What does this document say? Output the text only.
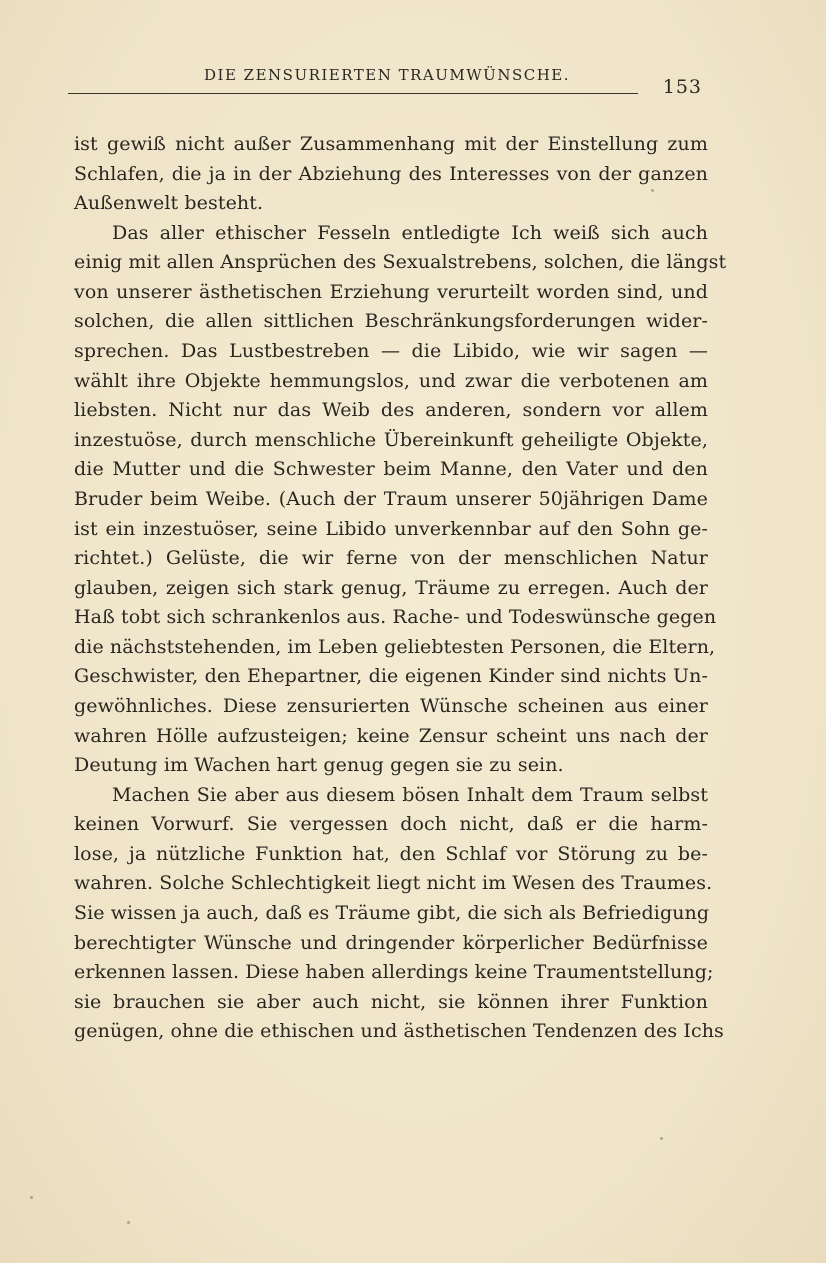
DIE ZENSURIERTEN TRAUMWÜNSCHE.
153
ist gewiß nicht außer Zusammenhang mit der Einstellung zum
Schlafen, die ja in der Abziehung des Interesses von der ganzen
Außenwelt besteht.
Das aller ethischer Fesseln entledigte Ich weiß sich auch
einig mit allen Ansprüchen des Sexualstrebens, solchen, die längst
von unserer ästhetischen Erziehung verurteilt worden sind, und
solchen, die allen sittlichen Beschränkungsforderungen wider-
sprechen. Das Lustbestreben — die Libido, wie wir sagen —
wählt ihre Objekte hemmungslos, und zwar die verbotenen am
liebsten. Nicht nur das Weib des anderen, sondern vor allem
inzestuöse, durch menschliche Übereinkunft geheiligte Objekte,
die Mutter und die Schwester beim Manne, den Vater und den
Bruder beim Weibe. (Auch der Traum unserer 50jährigen Dame
ist ein inzestuöser, seine Libido unverkennbar auf den Sohn ge-
richtet.) Gelüste, die wir ferne von der menschlichen Natur
glauben, zeigen sich stark genug, Träume zu erregen. Auch der
Haß tobt sich schrankenlos aus. Rache- und Todeswünsche gegen
die nächststehenden, im Leben geliebtesten Personen, die Eltern,
Geschwister, den Ehepartner, die eigenen Kinder sind nichts Un-
gewöhnliches. Diese zensurierten Wünsche scheinen aus einer
wahren Hölle aufzusteigen; keine Zensur scheint uns nach der
Deutung im Wachen hart genug gegen sie zu sein.
Machen Sie aber aus diesem bösen Inhalt dem Traum selbst
keinen Vorwurf. Sie vergessen doch nicht, daß er die harm-
lose, ja nützliche Funktion hat, den Schlaf vor Störung zu be-
wahren. Solche Schlechtigkeit liegt nicht im Wesen des Traumes.
Sie wissen ja auch, daß es Träume gibt, die sich als Befriedigung
berechtigter Wünsche und dringender körperlicher Bedürfnisse
erkennen lassen. Diese haben allerdings keine Traumentstellung;
sie brauchen sie aber auch nicht, sie können ihrer Funktion
genügen, ohne die ethischen und ästhetischen Tendenzen des Ichs
